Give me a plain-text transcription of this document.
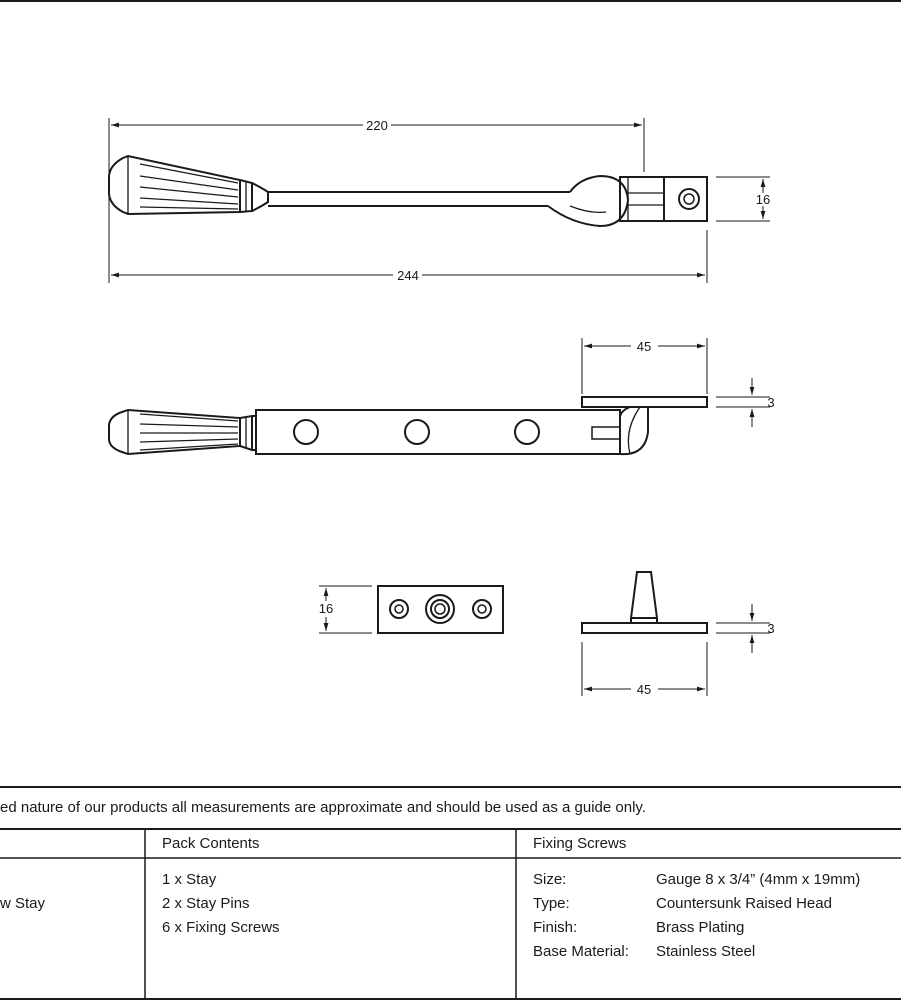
220
244
16
45
3
16
3
45
ed nature of our products all measurements are approximate and should be used as a guide only.
Pack Contents	Fixing Screws
w Stay
1 x Stay
2 x Stay Pins
6 x Fixing Screws
Size:	Gauge 8 x 3/4” (4mm x 19mm)
Type:	Countersunk Raised Head
Finish:	Brass Plating
Base Material: Stainless Steel
